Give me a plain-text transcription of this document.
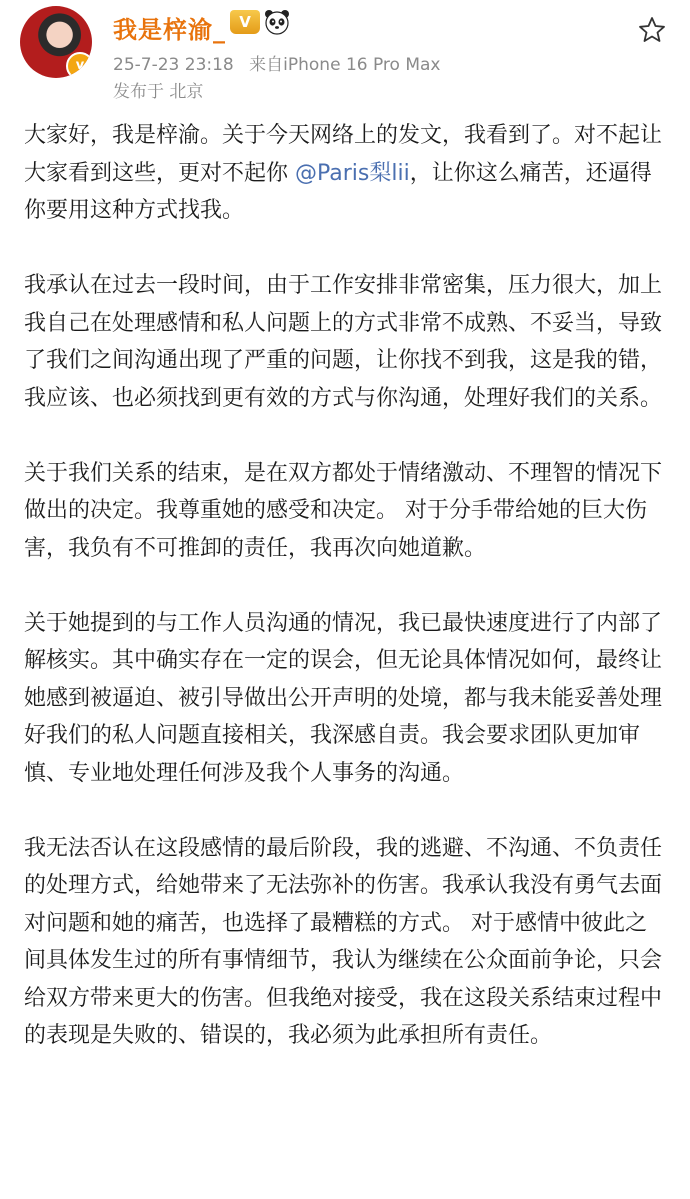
v
我是梓渝_ V
25-7-23 23:18 来自iPhone 16 Pro Max
发布于 北京

大家好，我是梓渝。关于今天网络上的发文，我看到了。对不起让大家看到这些，更对不起你 @Paris梨lii，让你这么痛苦，还逼得你要用这种方式找我。

我承认在过去一段时间，由于工作安排非常密集，压力很大，加上我自己在处理感情和私人问题上的方式非常不成熟、不妥当，导致了我们之间沟通出现了严重的问题，让你找不到我，这是我的错，我应该、也必须找到更有效的方式与你沟通，处理好我们的关系。

关于我们关系的结束，是在双方都处于情绪激动、不理智的情况下做出的决定。我尊重她的感受和决定。 对于分手带给她的巨大伤害，我负有不可推卸的责任，我再次向她道歉。

关于她提到的与工作人员沟通的情况，我已最快速度进行了内部了解核实。其中确实存在一定的误会，但无论具体情况如何，最终让她感到被逼迫、被引导做出公开声明的处境，都与我未能妥善处理好我们的私人问题直接相关，我深感自责。我会要求团队更加审慎、专业地处理任何涉及我个人事务的沟通。

我无法否认在这段感情的最后阶段，我的逃避、不沟通、不负责任的处理方式，给她带来了无法弥补的伤害。我承认我没有勇气去面对问题和她的痛苦，也选择了最糟糕的方式。 对于感情中彼此之间具体发生过的所有事情细节，我认为继续在公众面前争论，只会给双方带来更大的伤害。但我绝对接受，我在这段关系结束过程中的表现是失败的、错误的，我必须为此承担所有责任。
